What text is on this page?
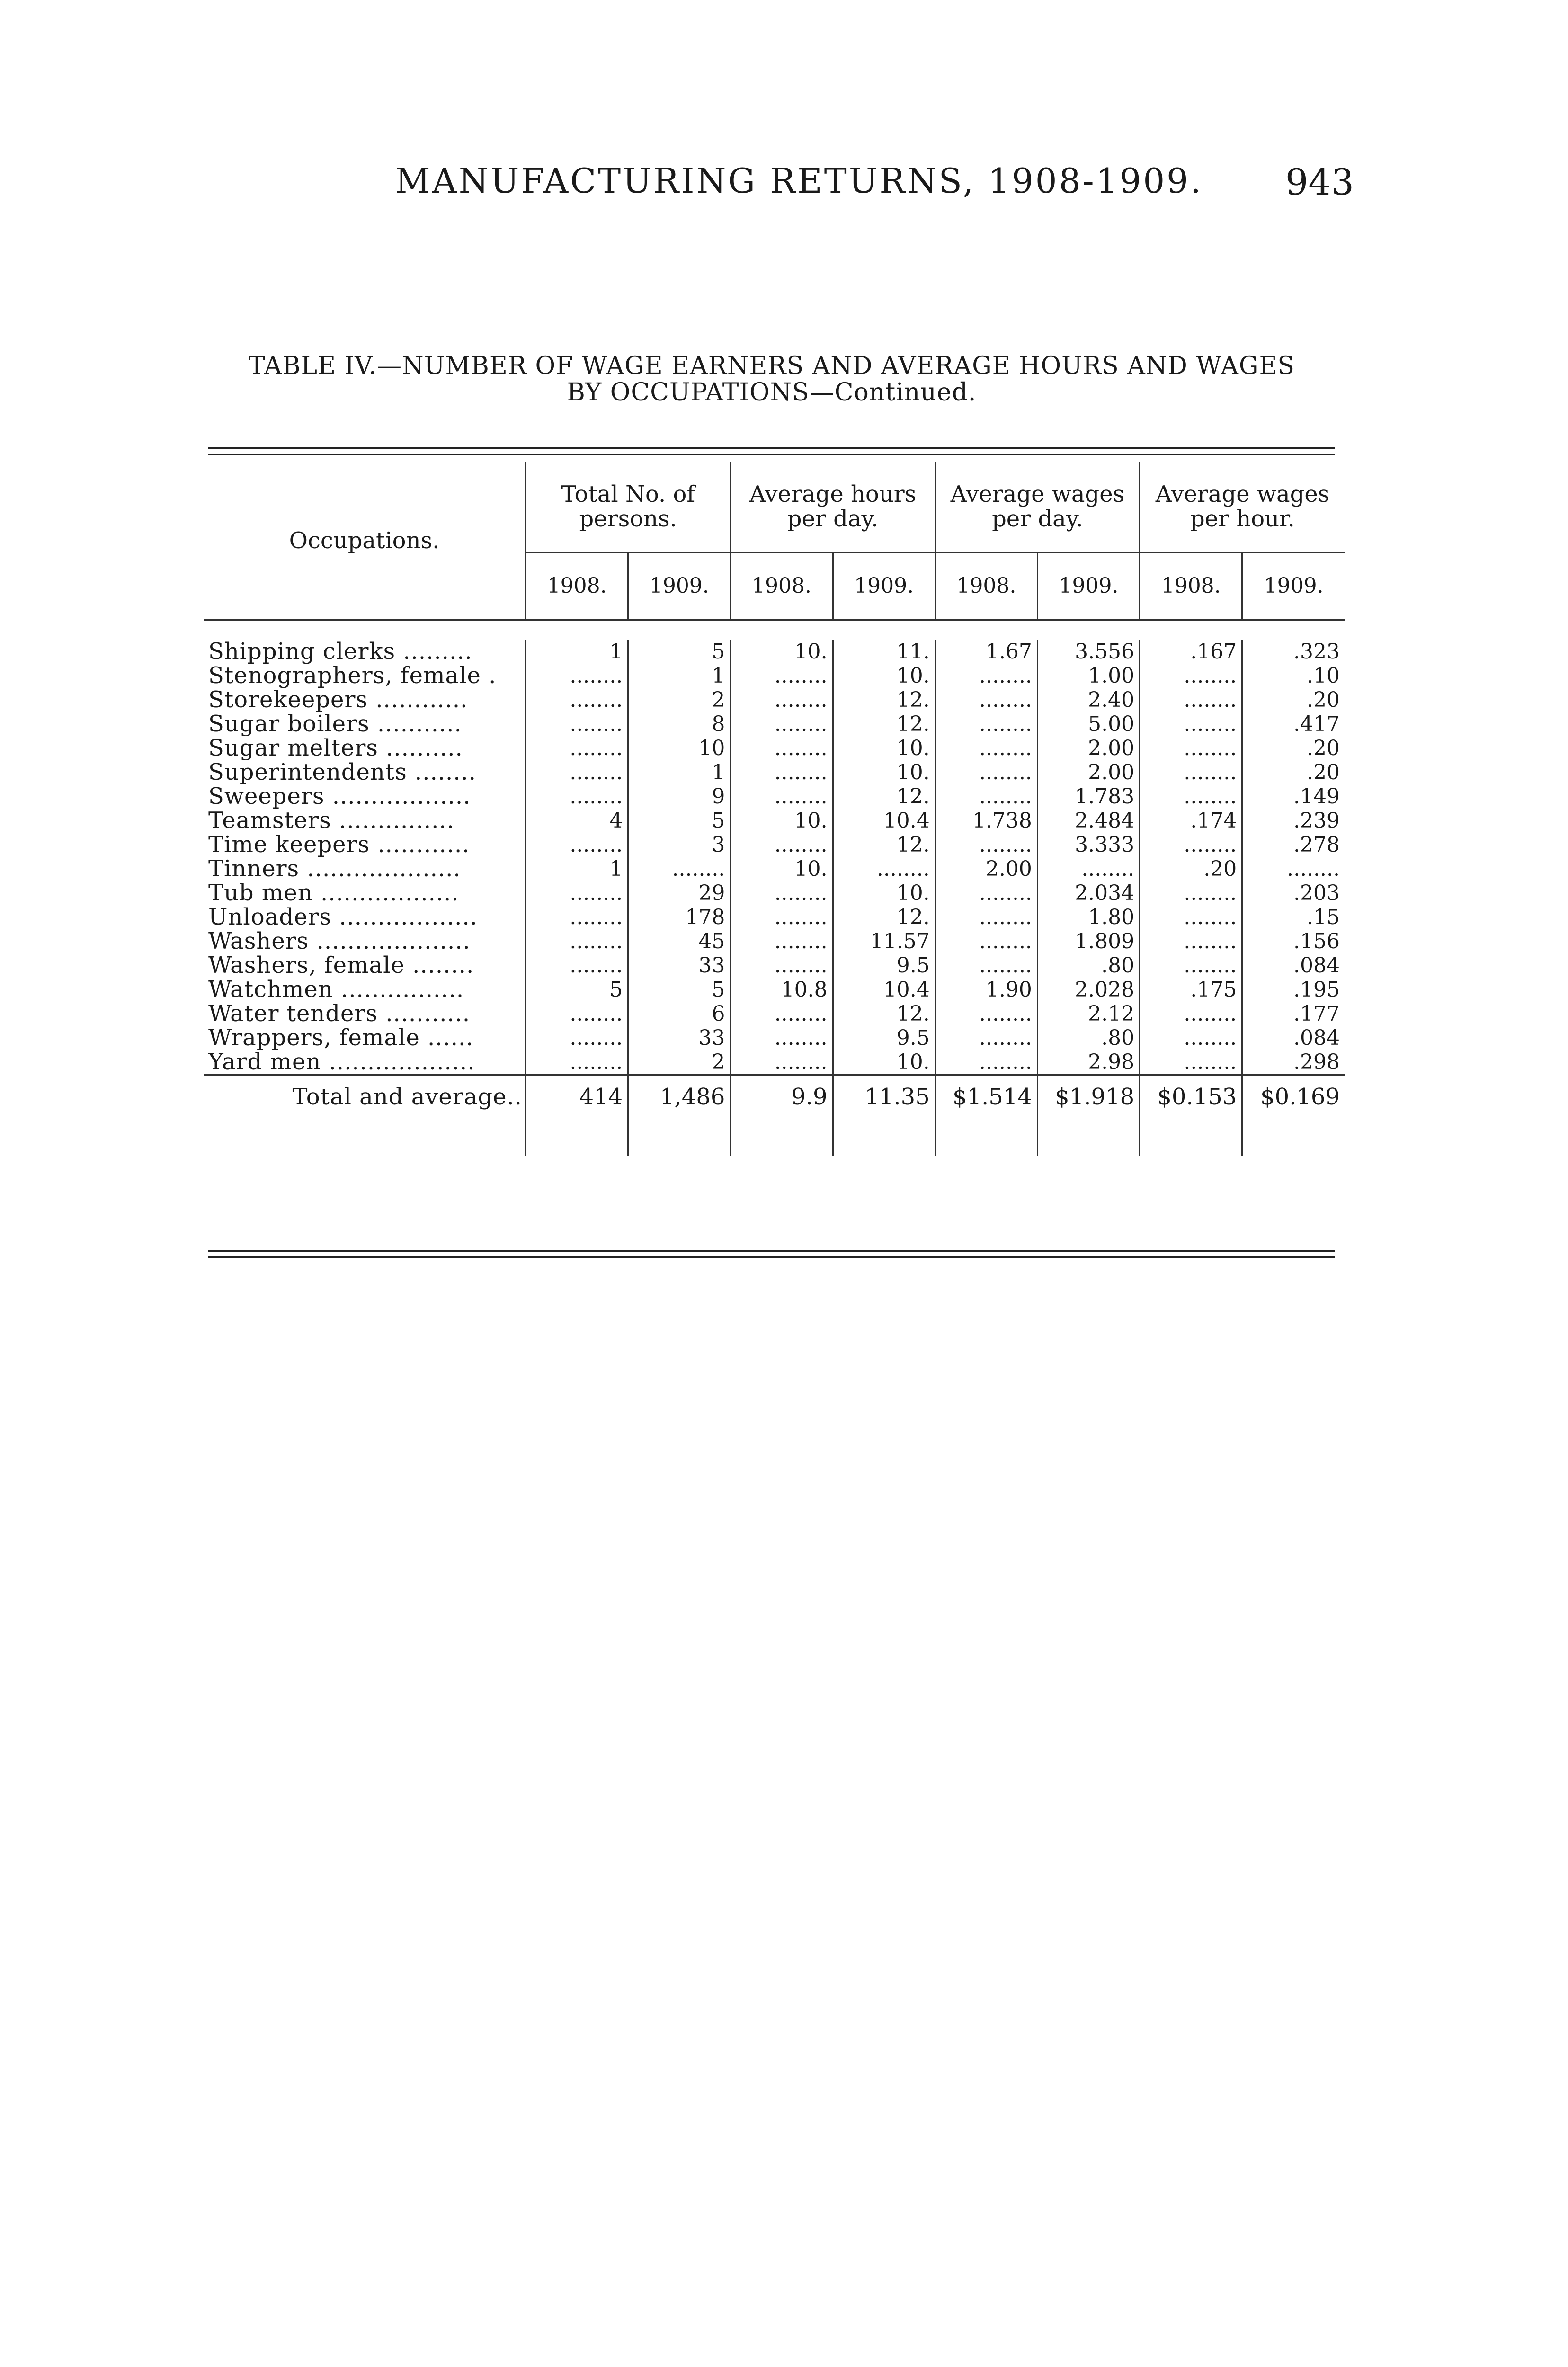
MANUFACTURING RETURNS, 1908-1909. 943
TABLE IV.—NUMBER OF WAGE EARNERS AND AVERAGE HOURS AND WAGES
BY OCCUPATIONS—Continued.
Occupations.	Total No. of persons.		Average hours per day.		Average wages per day.		Average wages per hour.	
	1908.	1909.	1908.	1909.	1908.	1909.	1908.	1909.

Shipping clerks .........	1	5	10.	11.	1.67	3.556	.167	.323
Stenographers, female .	........	1	........	10.	........	1.00	........	.10
Storekeepers ............	........	2	........	12.	........	2.40	........	.20
Sugar boilers ...........	........	8	........	12.	........	5.00	........	.417
Sugar melters ..........	........	10	........	10.	........	2.00	........	.20
Superintendents ........	........	1	........	10.	........	2.00	........	.20
Sweepers ..................	........	9	........	12.	........	1.783	........	.149
Teamsters ...............	4	5	10.	10.4	1.738	2.484	.174	.239
Time keepers ............	........	3	........	12.	........	3.333	........	.278
Tinners ....................	1	........	10.	........	2.00	........	.20	........
Tub men ..................	........	29	........	10.	........	2.034	........	.203
Unloaders ..................	........	178	........	12.	........	1.80	........	.15
Washers ....................	........	45	........	11.57	........	1.809	........	.156
Washers, female ........	........	33	........	9.5	........	.80	........	.084
Watchmen ................	5	5	10.8	10.4	1.90	2.028	.175	.195
Water tenders ...........	........	6	........	12.	........	2.12	........	.177
Wrappers, female ......	........	33	........	9.5	........	.80	........	.084
Yard men ...................	........	2	........	10.	........	2.98	........	.298
Total and average..	414	1,486	9.9	11.35	$1.514	$1.918	$0.153	$0.169
